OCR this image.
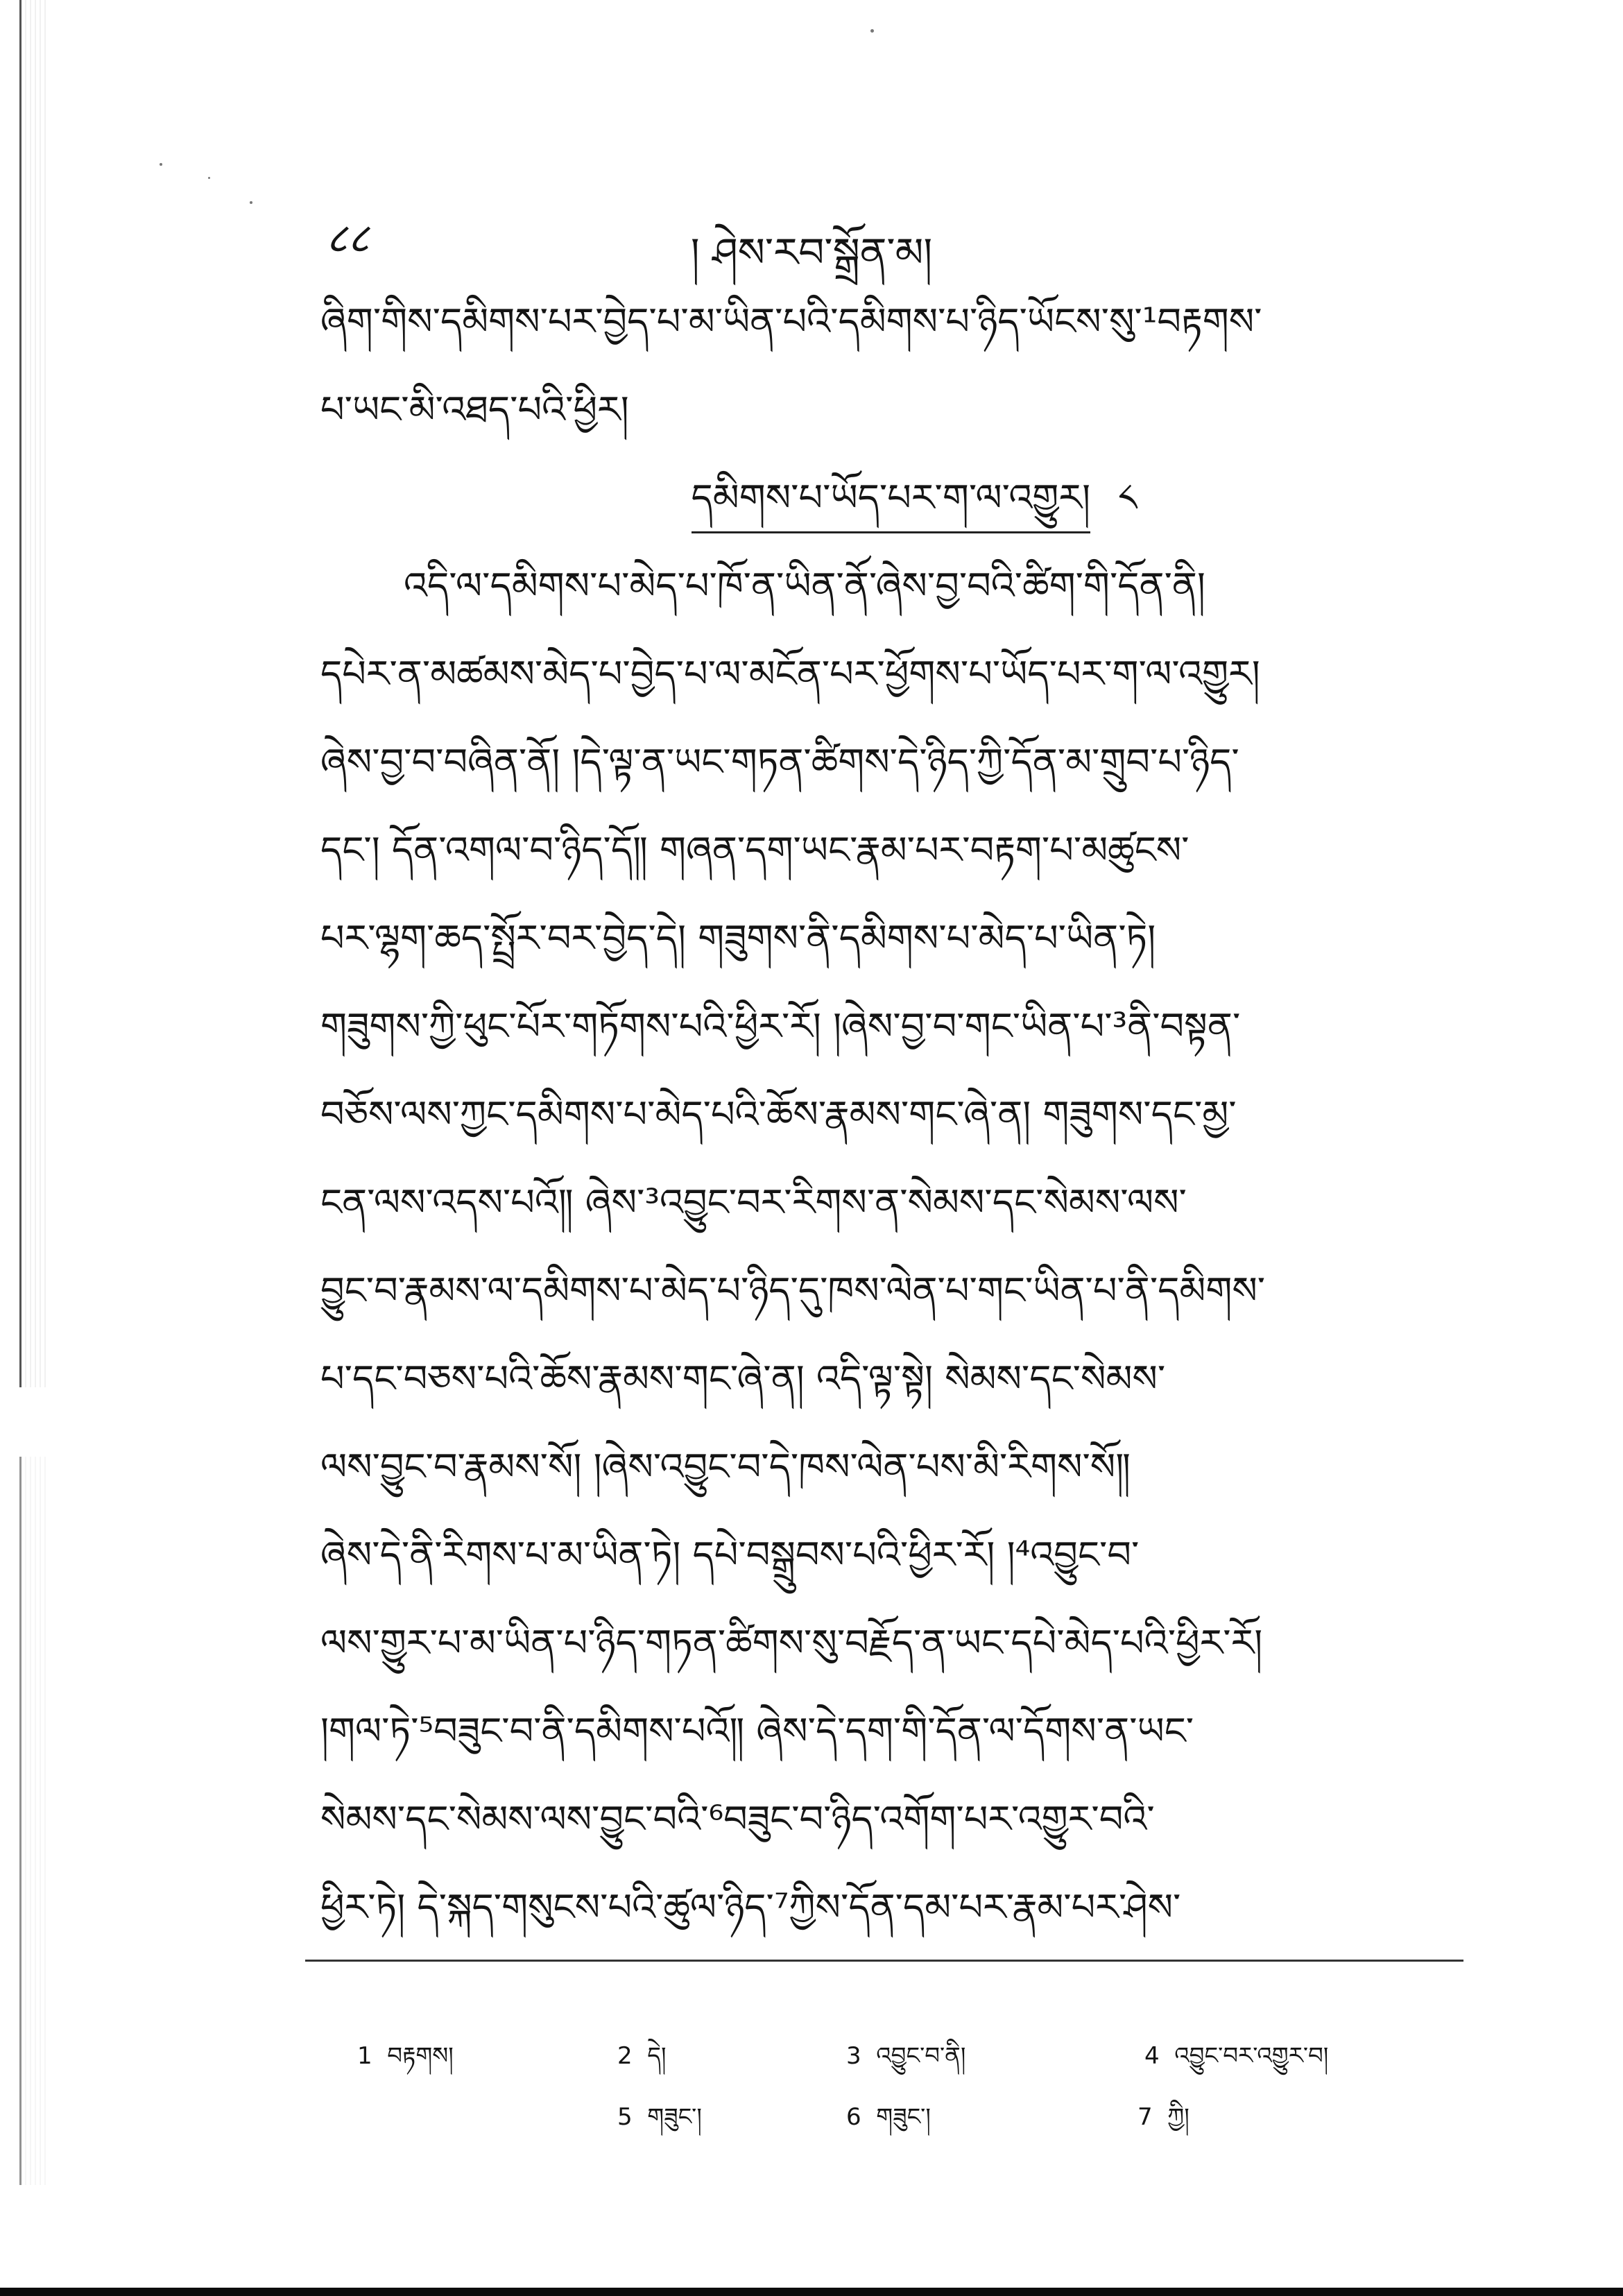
८८	། ཤེས་རབ་སྒྲོན་མ།
ཞིག་གིས་དམིགས་པར་བྱེད་པ་མ་ཡིན་པའི་དམིགས་པ་ཉིད་ཡོངས་སུ་¹བརྟགས་
པ་ཡང་མི་འཐད་པའི་ཕྱིར།
དམིགས་པ་ཡོད་པར་ག་ལ་འགྱུར། ༨
འདི་ལ་དམིགས་པ་མེད་པ་ཁོ་ན་ཡིན་ནོ་ཞེས་བྱ་བའི་ཚིག་གི་དོན་ནི།
དཔེར་ན་མཚམས་མེད་པ་བྱེད་པ་ལ་མངོན་པར་ཕྱོགས་པ་ཡོད་པར་ག་ལ་འགྱུར།
ཞེས་བྱ་བ་བཞིན་ནོ། །དེ་ལྟ་ན་ཡང་གཏན་ཚིགས་དེ་ཉིད་ཀྱི་དོན་མ་གྲུབ་པ་ཉིད་
དང་། དོན་འགལ་བ་ཉིད་དོ༎ གཞན་དག་ཡང་རྣམ་པར་བརྟག་པ་མཚུངས་
པར་ལྷག་ཆད་སྤྲོར་བར་བྱེད་དེ། གཟུགས་ནི་དམིགས་པ་མེད་པ་ཡིན་ཏེ།
གཟུགས་ཀྱི་ཕུང་པོར་གཏོགས་པའི་ཕྱིར་རོ། །ཞེས་བྱ་བ་གང་ཡིན་པ་³ནི་བསྟན་
བཅོས་ལས་ཀྱང་དམིགས་པ་མེད་པའི་ཆོས་རྣམས་གང་ཞེ་ན། གཟུགས་དང་མྱ་
ངན་ལས་འདས་པའོ༎ ཞེས་³འབྱུང་བར་རིགས་ན་སེམས་དང་སེམས་ལས་
བྱུང་བ་རྣམས་ལ་དམིགས་པ་མེད་པ་ཉིད་དུ་ཁས་ལེན་པ་གང་ཡིན་པ་ནི་དམིགས་
པ་དང་བཅས་པའི་ཆོས་རྣམས་གང་ཞེ་ན། འདི་ལྟ་སྟེ། སེམས་དང་སེམས་
ལས་བྱུང་བ་རྣམས་སོ། །ཞེས་འབྱུང་བ་དེ་ཁས་ལེན་པས་མི་རིགས་སོ༎
ཞེས་དེ་ནི་རིགས་པ་མ་ཡིན་ཏེ། དཔེ་བསྒྲུབས་པའི་ཕྱིར་རོ། །⁴འབྱུང་བ་
ལས་གྱུར་པ་མ་ཡིན་པ་ཉིད་གཏན་ཚིགས་སུ་བརྗོད་ན་ཡང་དཔེ་མེད་པའི་ཕྱིར་རོ།
།གལ་ཏེ་⁵བཟུང་བ་ནི་དམིགས་པའོ༎ ཞེས་དེ་དག་གི་དོན་ལ་དོགས་ན་ཡང་
སེམས་དང་སེམས་ལས་བྱུང་བའི་⁶བཟུང་བ་ཉིད་འགོག་པར་འགྱུར་བའི་
ཕྱིར་ཏེ། དེ་སྐད་གསུངས་པའི་ཚུལ་ཉིད་⁷ཀྱིས་དོན་དམ་པར་རྣམ་པར་ཤེས་
1 བརྟགས།	2 དེ།	3 འབྱུང་བ་ནི།	4 འབྱུང་བར་འགྱུར་བ།
5 གཟུང་།	6 གཟུང་།	7 ཀྱི།
